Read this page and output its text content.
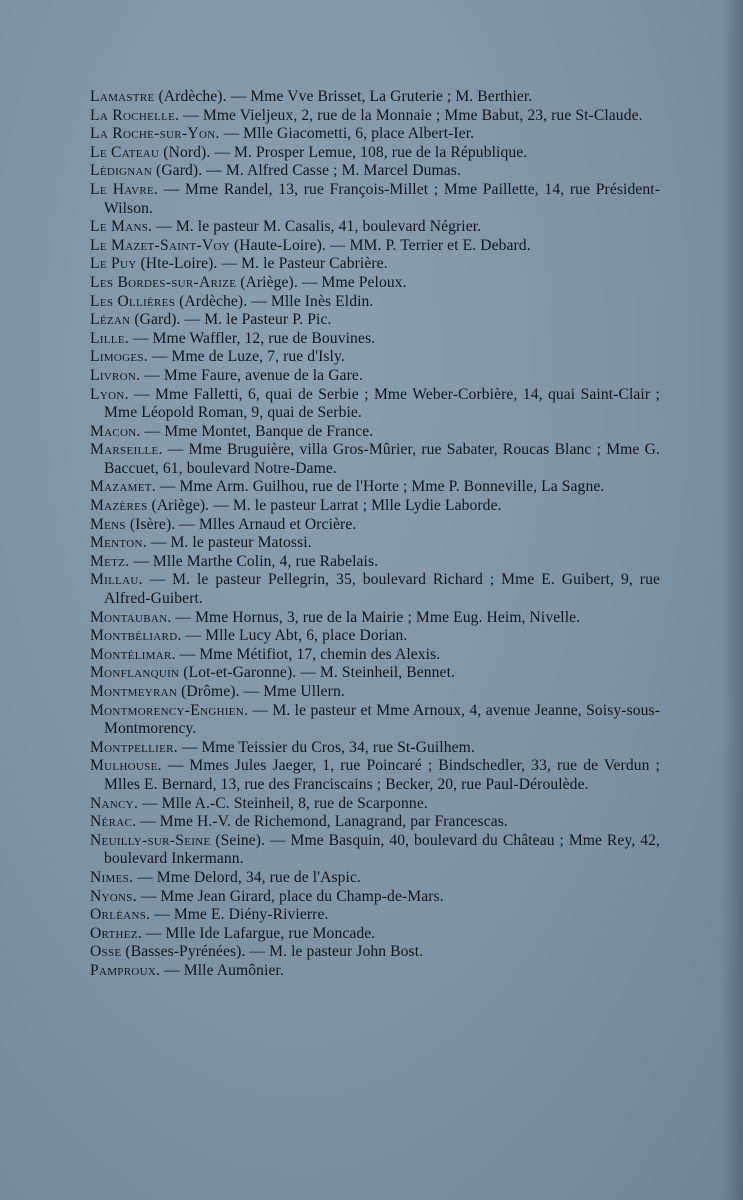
Lamastre (Ardèche). — Mme Vve Brisset, La Gruterie ; M. Berthier.
La Rochelle. — Mme Vieljeux, 2, rue de la Monnaie ; Mme Babut, 23, rue St-Claude.
La Roche-sur-Yon. — Mlle Giacometti, 6, place Albert-Ier.
Le Cateau (Nord). — M. Prosper Lemue, 108, rue de la République.
Lédignan (Gard). — M. Alfred Casse ; M. Marcel Dumas.
Le Havre. — Mme Randel, 13, rue François-Millet ; Mme Paillette, 14, rue Président-Wilson.
Le Mans. — M. le pasteur M. Casalis, 41, boulevard Négrier.
Le Mazet-Saint-Voy (Haute-Loire). — MM. P. Terrier et E. Debard.
Le Puy (Hte-Loire). — M. le Pasteur Cabrière.
Les Bordes-sur-Arize (Ariège). — Mme Peloux.
Les Ollières (Ardèche). — Mlle Inès Eldin.
Lézan (Gard). — M. le Pasteur P. Pic.
Lille. — Mme Waffler, 12, rue de Bouvines.
Limoges. — Mme de Luze, 7, rue d'Isly.
Livron. — Mme Faure, avenue de la Gare.
Lyon. — Mme Falletti, 6, quai de Serbie ; Mme Weber-Corbière, 14, quai Saint-Clair ; Mme Léopold Roman, 9, quai de Serbie.
Macon. — Mme Montet, Banque de France.
Marseille. — Mme Bruguière, villa Gros-Mûrier, rue Sabater, Roucas Blanc ; Mme G. Baccuet, 61, boulevard Notre-Dame.
Mazamet. — Mme Arm. Guilhou, rue de l'Horte ; Mme P. Bonneville, La Sagne.
Mazères (Ariège). — M. le pasteur Larrat ; Mlle Lydie Laborde.
Mens (Isère). — Mlles Arnaud et Orcière.
Menton. — M. le pasteur Matossi.
Metz. — Mlle Marthe Colin, 4, rue Rabelais.
Millau. — M. le pasteur Pellegrin, 35, boulevard Richard ; Mme E. Guibert, 9, rue Alfred-Guibert.
Montauban. — Mme Hornus, 3, rue de la Mairie ; Mme Eug. Heim, Nivelle.
Montbéliard. — Mlle Lucy Abt, 6, place Dorian.
Montélimar. — Mme Métifiot, 17, chemin des Alexis.
Monflanquin (Lot-et-Garonne). — M. Steinheil, Bennet.
Montmeyran (Drôme). — Mme Ullern.
Montmorency-Enghien. — M. le pasteur et Mme Arnoux, 4, avenue Jeanne, Soisy-sous-Montmorency.
Montpellier. — Mme Teissier du Cros, 34, rue St-Guilhem.
Mulhouse. — Mmes Jules Jaeger, 1, rue Poincaré ; Bindschedler, 33, rue de Verdun ; Mlles E. Bernard, 13, rue des Franciscains ; Becker, 20, rue Paul-Déroulède.
Nancy. — Mlle A.-C. Steinheil, 8, rue de Scarponne.
Nérac. — Mme H.-V. de Richemond, Lanagrand, par Francescas.
Neuilly-sur-Seine (Seine). — Mme Basquin, 40, boulevard du Château ; Mme Rey, 42, boulevard Inkermann.
Nimes. — Mme Delord, 34, rue de l'Aspic.
Nyons. — Mme Jean Girard, place du Champ-de-Mars.
Orléans. — Mme E. Diény-Rivierre.
Orthez. — Mlle Ide Lafargue, rue Moncade.
Osse (Basses-Pyrénées). — M. le pasteur John Bost.
Pamproux. — Mlle Aumônier.
